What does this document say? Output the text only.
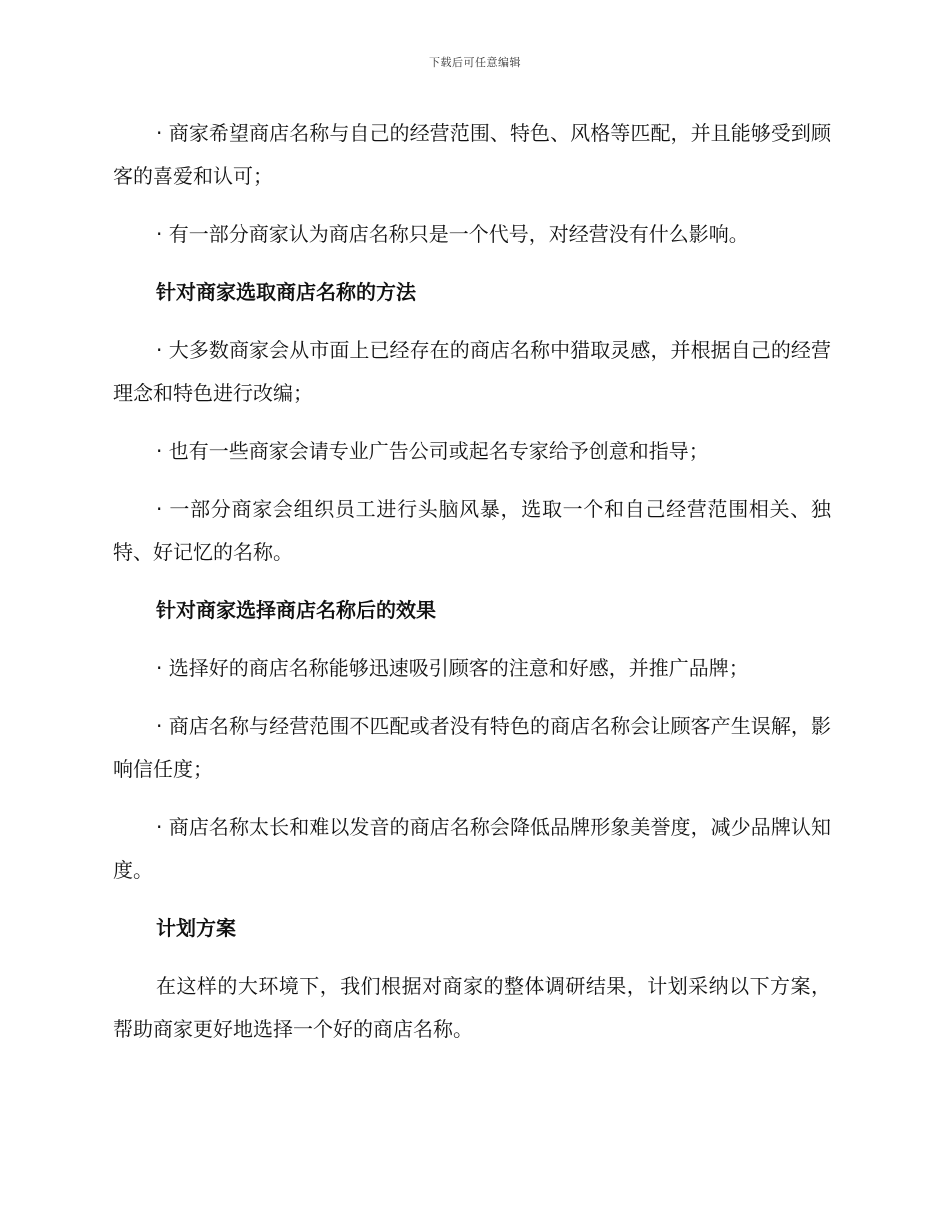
下载后可任意编辑

· 商家希望商店名称与自己的经营范围、特色、风格等匹配，并且能够受到顾客的喜爱和认可；

· 有一部分商家认为商店名称只是一个代号，对经营没有什么影响。

针对商家选取商店名称的方法

· 大多数商家会从市面上已经存在的商店名称中猎取灵感，并根据自己的经营理念和特色进行改编；

· 也有一些商家会请专业广告公司或起名专家给予创意和指导；

· 一部分商家会组织员工进行头脑风暴，选取一个和自己经营范围相关、独特、好记忆的名称。

针对商家选择商店名称后的效果

· 选择好的商店名称能够迅速吸引顾客的注意和好感，并推广品牌；

· 商店名称与经营范围不匹配或者没有特色的商店名称会让顾客产生误解，影响信任度；

· 商店名称太长和难以发音的商店名称会降低品牌形象美誉度，减少品牌认知度。

计划方案

在这样的大环境下，我们根据对商家的整体调研结果，计划采纳以下方案，帮助商家更好地选择一个好的商店名称。
